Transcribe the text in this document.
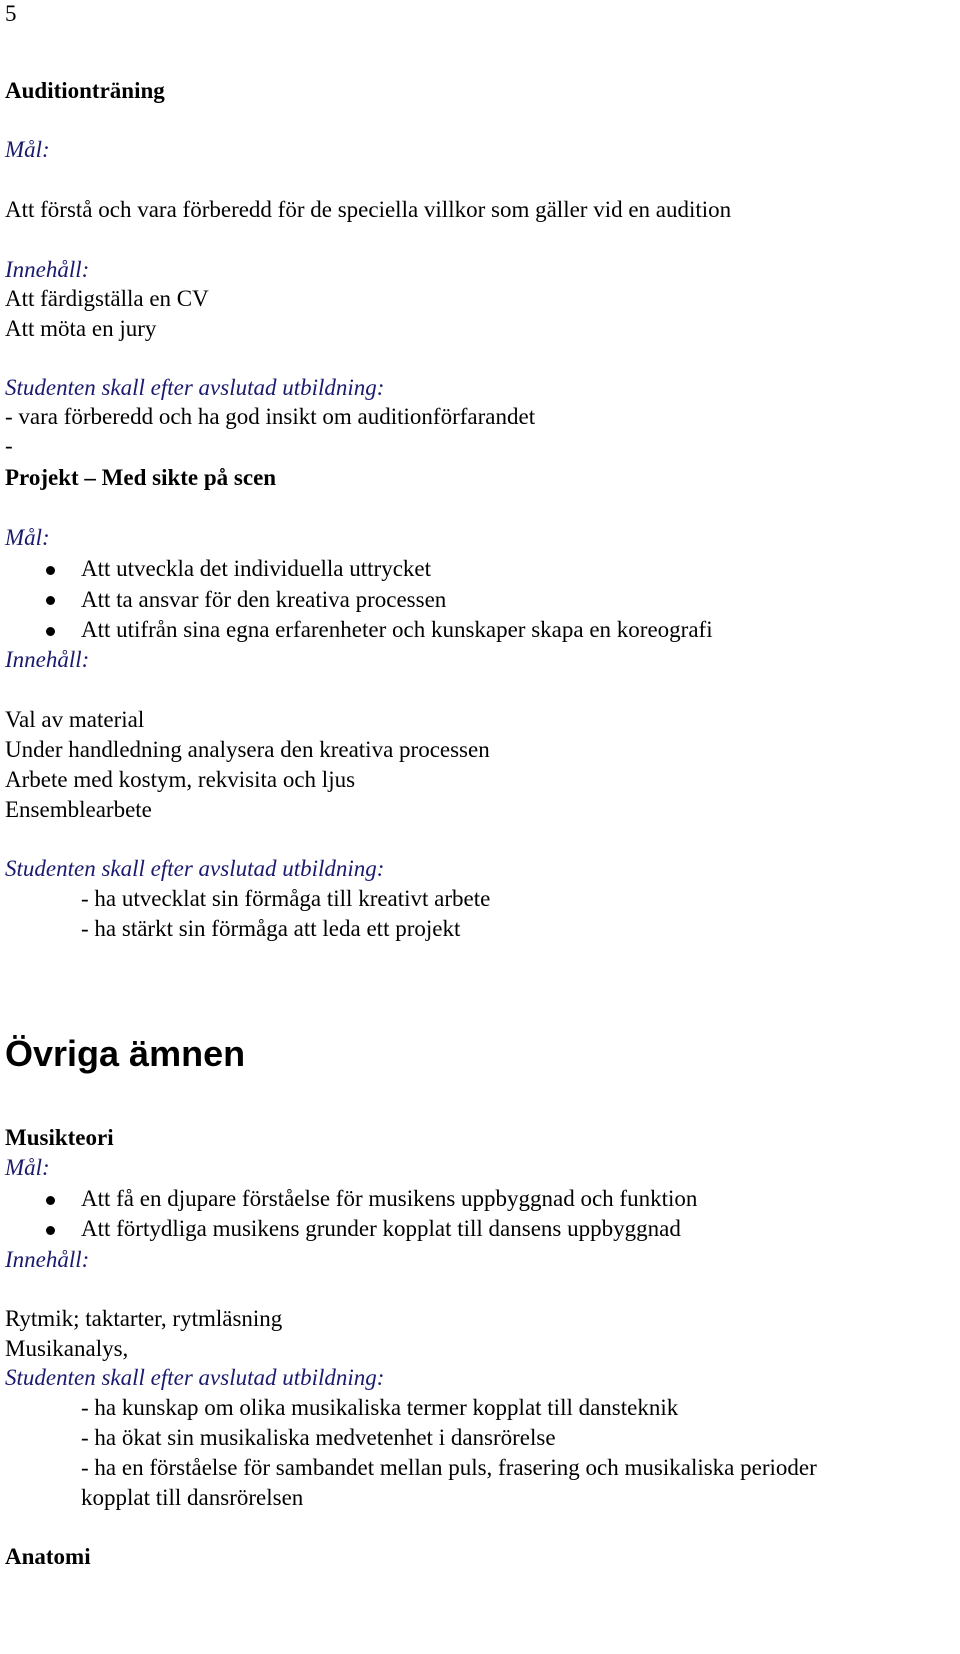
5
Auditionträning
Mål:
Att förstå och vara förberedd för de speciella villkor som gäller vid en audition
Innehåll:
Att färdigställa en CV
Att möta en jury
Studenten skall efter avslutad utbildning:
- vara förberedd och ha god insikt om auditionförfarandet
-
Projekt – Med sikte på scen
Mål:
Att utveckla det individuella uttrycket
Att ta ansvar för den kreativa processen
Att utifrån sina egna erfarenheter och kunskaper skapa en koreografi
Innehåll:
Val av material
Under handledning analysera den kreativa processen
Arbete med kostym, rekvisita och ljus
Ensemblearbete
Studenten skall efter avslutad utbildning:
- ha utvecklat sin förmåga till kreativt arbete
- ha stärkt sin förmåga att leda ett projekt
Övriga ämnen
Musikteori
Mål:
Att få en djupare förståelse för musikens uppbyggnad och funktion
Att förtydliga musikens grunder kopplat till dansens uppbyggnad
Innehåll:
Rytmik; taktarter, rytmläsning
Musikanalys,
Studenten skall efter avslutad utbildning:
- ha kunskap om olika musikaliska termer kopplat till dansteknik
- ha ökat sin musikaliska medvetenhet i dansrörelse
- ha en förståelse för sambandet mellan puls, frasering och musikaliska perioder
kopplat till dansrörelsen
Anatomi
